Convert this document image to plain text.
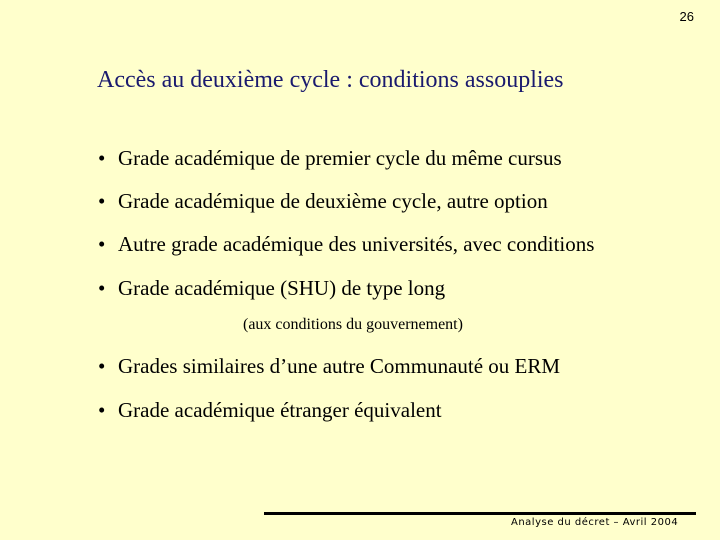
26
Accès au deuxième cycle : conditions assouplies
• Grade académique de premier cycle du même cursus
• Grade académique de deuxième cycle, autre option
• Autre grade académique des universités, avec conditions
• Grade académique (SHU) de type long
(aux conditions du gouvernement)
• Grades similaires d’une autre Communauté ou ERM
• Grade académique étranger équivalent
Analyse du décret – Avril 2004
